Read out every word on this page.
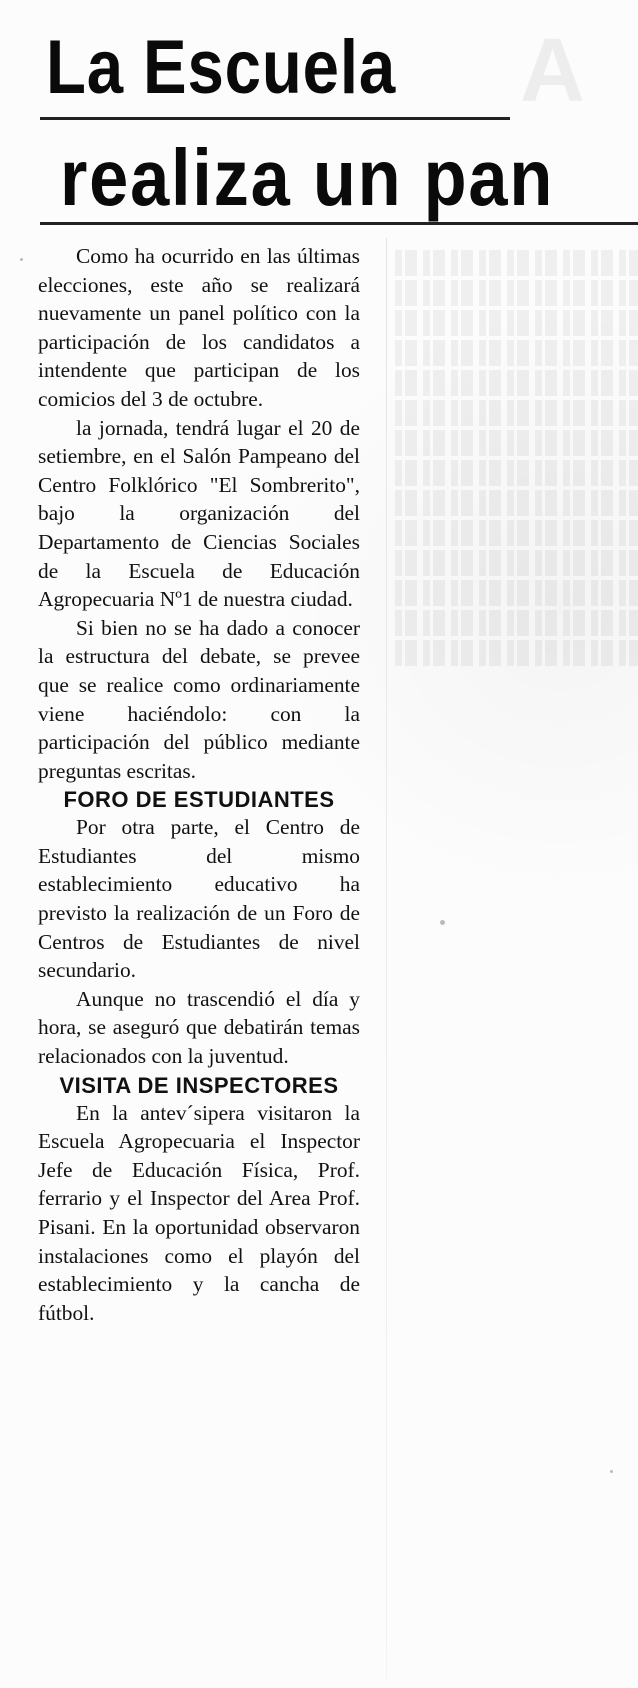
A
La Escuela
realiza un pan

Como ha ocurrido en las últimas elecciones, este año se realizará nuevamente un panel político con la participación de los candidatos a intendente que participan de los comicios del 3 de octubre.

la jornada, tendrá lugar el 20 de setiembre, en el Salón Pampeano del Centro Folklórico "El Sombrerito", bajo la organización del Departamento de Ciencias Sociales de la Escuela de Educación Agropecuaria Nº1 de nuestra ciudad.

Si bien no se ha dado a conocer la estructura del debate, se prevee que se realice como ordinariamente viene haciéndolo: con la participación del público mediante preguntas escritas.

FORO DE ESTUDIANTES

Por otra parte, el Centro de Estudiantes del mismo establecimiento educativo ha previsto la realización de un Foro de Centros de Estudiantes de nivel secundario.

Aunque no trascendió el día y hora, se aseguró que debatirán temas relacionados con la juventud.

VISITA DE INSPECTORES

En la antev´sipera visitaron la Escuela Agropecuaria el Inspector Jefe de Educación Física, Prof. ferrario y el Inspector del Area Prof. Pisani. En la oportunidad observaron instalaciones como el playón del establecimiento y la cancha de fútbol.
